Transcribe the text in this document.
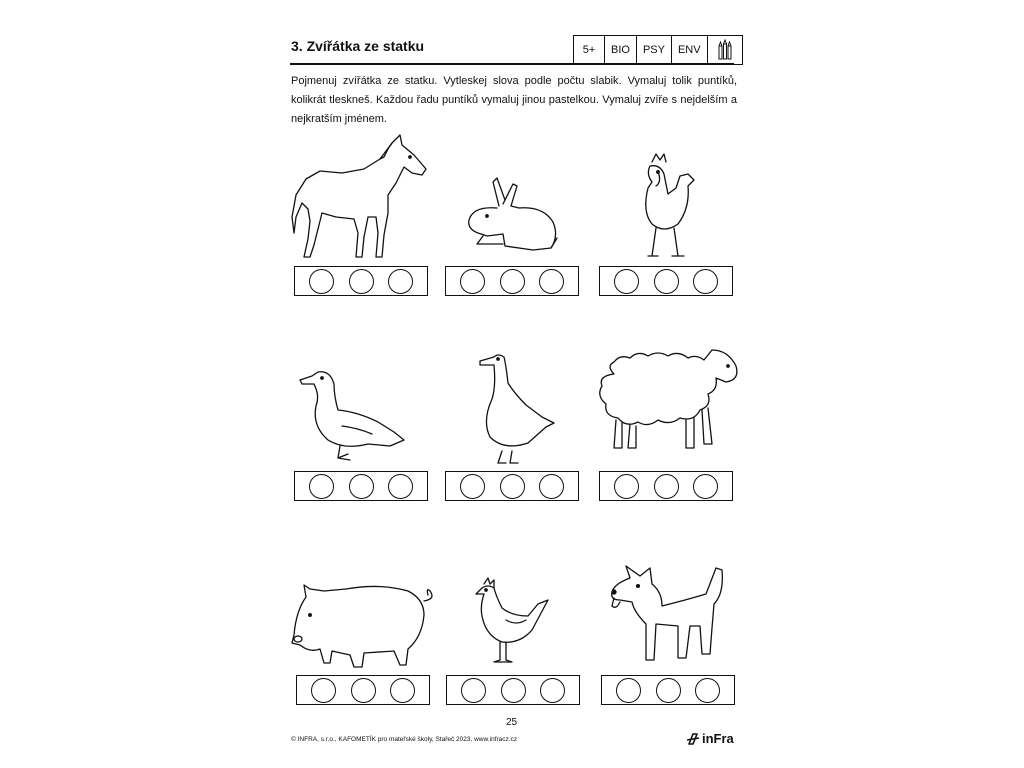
3. Zvířátka ze statku	5+	BIO	PSY	ENV
Pojmenuj zvířátka ze statku. Vytleskej slova podle počtu slabik. Vymaluj tolik puntíků, kolikrát tleskneš. Každou řadu puntíků vymaluj jinou pastelkou. Vymaluj zvíře s nejdelším a nejkratším jménem.
25
© INFRA, s.r.o., KAFOMETÍK pro mateřské školy, Stařeč 2023, www.infracz.cz	inFra
